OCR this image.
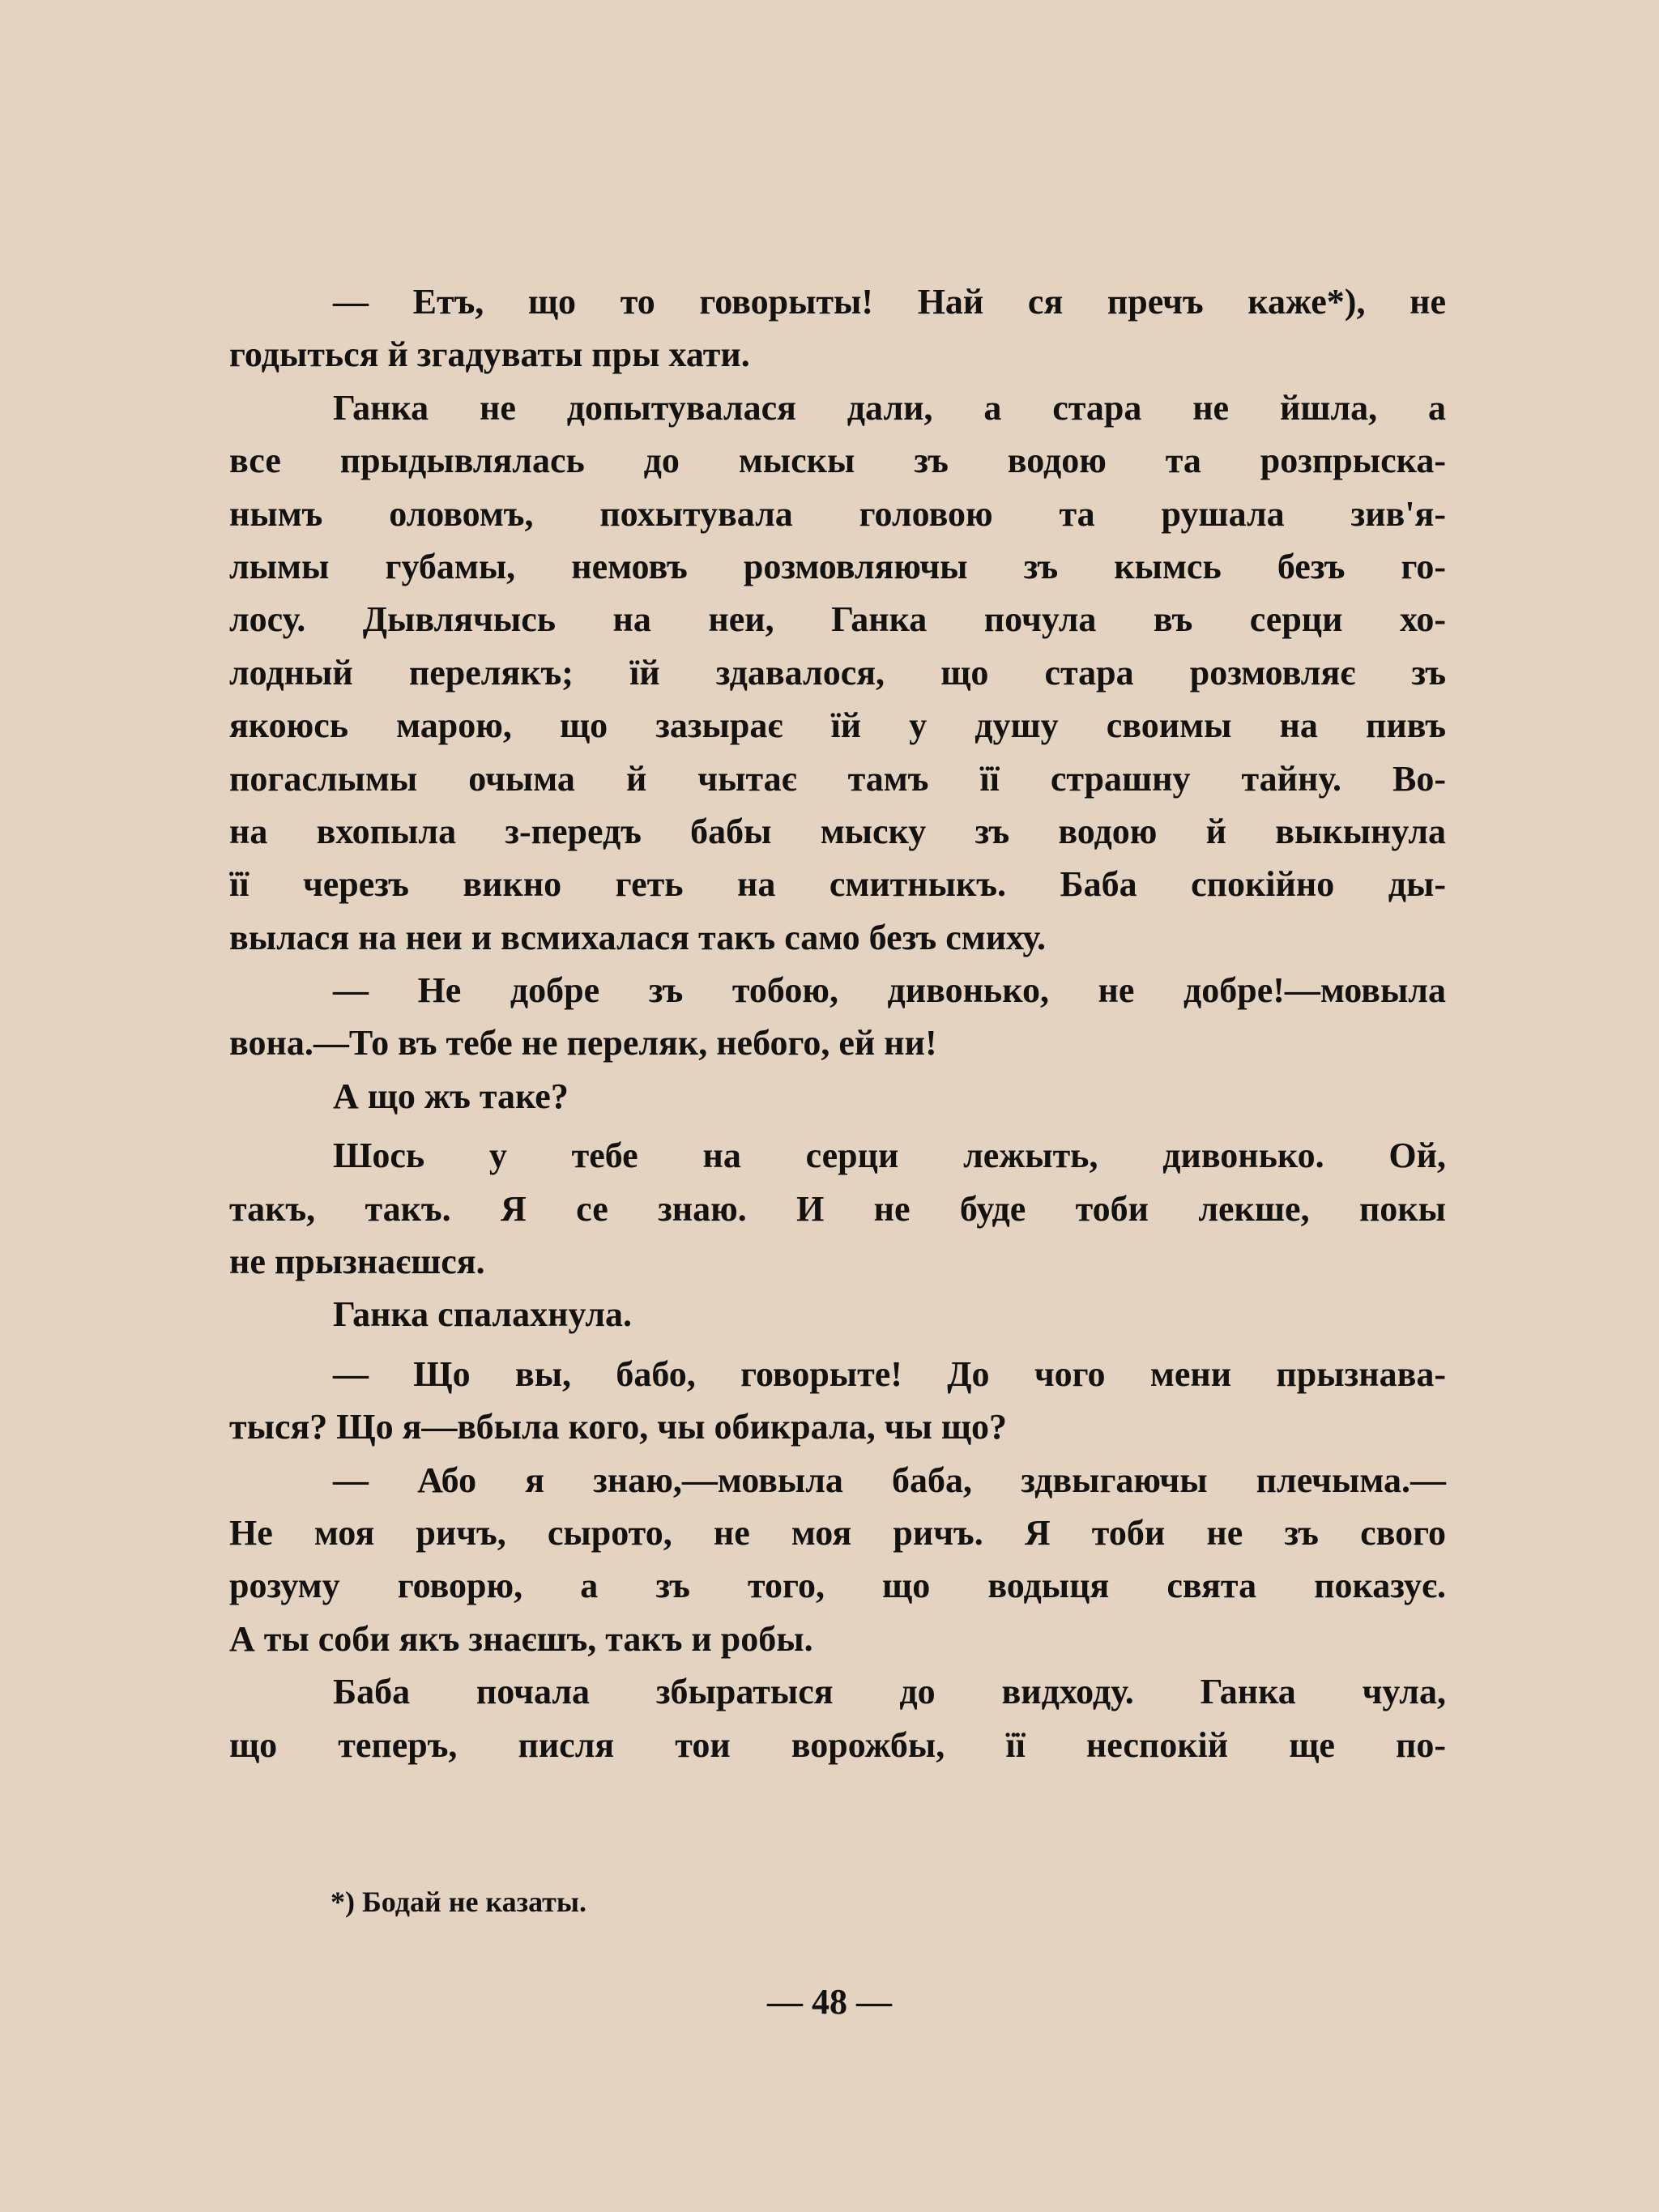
— Етъ, що то говорыты! Най ся пречъ каже*), не
годыться й згадуваты пры хати.
Ганка не допытувалася дали, а стара не йшла, а
все прыдывлялась до мыскы зъ водою та розпрыска-
нымъ оловомъ, похытувала головою та рушала зив'я-
лымы губамы, немовъ розмовляючы зъ кымсь безъ го-
лосу. Дывлячысь на неи, Ганка почула въ серци хо-
лодный перелякъ; їй здавалося, що стара розмовляє зъ
якоюсь марою, що зазырає їй у душу своимы на пивъ
погаслымы очыма й чытає тамъ її страшну тайну. Во-
на вхопыла з-передъ бабы мыску зъ водою й выкынула
її черезъ викно геть на смитныкъ. Баба спокійно ды-
вылася на неи и всмихалася такъ само безъ смиху.
— Не добре зъ тобою, дивонько, не добре!—мовыла
вона.—То въ тебе не переляк, небого, ей ни!
А що жъ таке?
Шось у тебе на серци лежыть, дивонько. Ой,
такъ, такъ. Я се знаю. И не буде тоби лекше, покы
не прызнаєшся.
Ганка спалахнула.
— Що вы, бабо, говорыте! До чого мени прызнава-
тыся? Що я—вбыла кого, чы обикрала, чы що?
— Або я знаю,—мовыла баба, здвыгаючы плечыма.—
Не моя ричъ, сырото, не моя ричъ. Я тоби не зъ свого
розуму говорю, а зъ того, що водыця свята показує.
А ты соби якъ знаєшъ, такъ и робы.
Баба почала збыратыся до видходу. Ганка чула,
що теперъ, писля тои ворожбы, її неспокій ще по-
*) Бодай не казаты.
— 48 —
